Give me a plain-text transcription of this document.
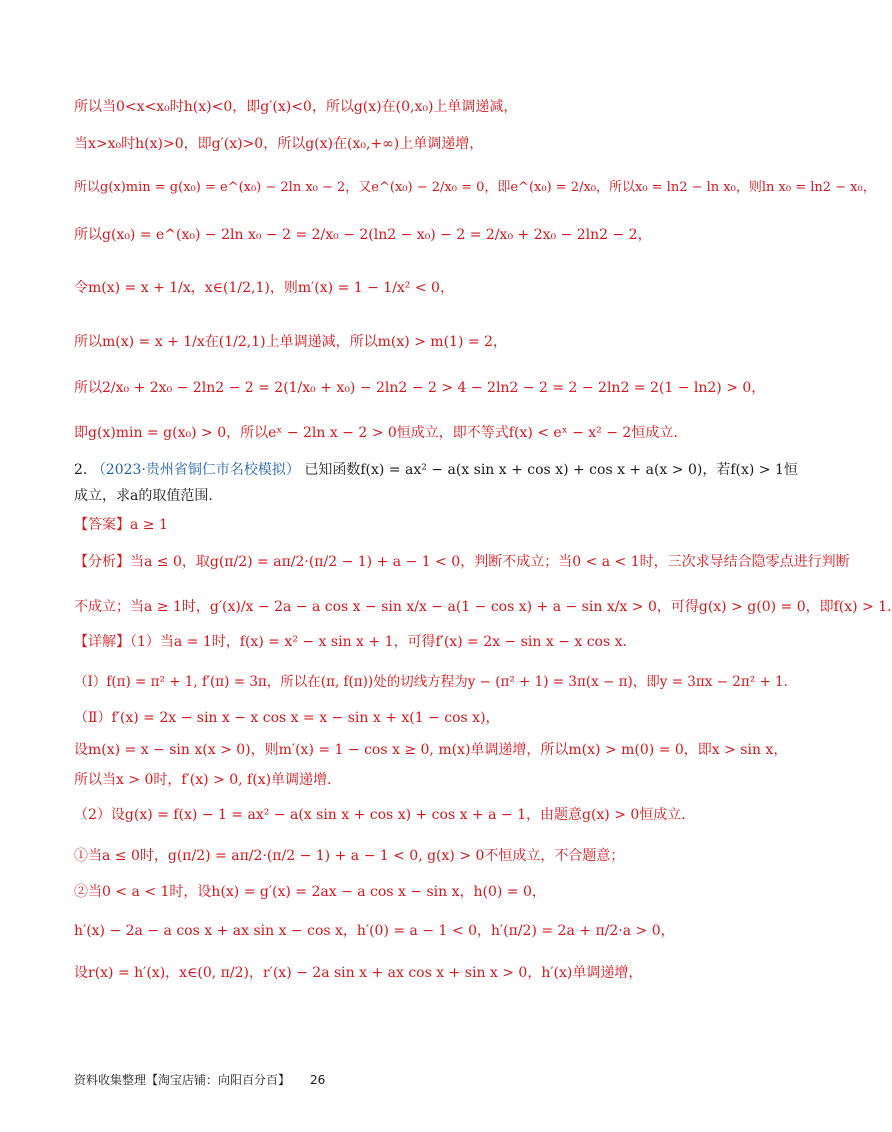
所以当0<x<x₀时h(x)<0，即g′(x)<0，所以g(x)在(0,x₀)上单调递减，
当x>x₀时h(x)>0，即g′(x)>0，所以g(x)在(x₀,+∞)上单调递增，
所以g(x)min = g(x₀) = e^(x₀) − 2ln x₀ − 2，又e^(x₀) − 2/x₀ = 0，即e^(x₀) = 2/x₀，所以x₀ = ln2 − ln x₀，则ln x₀ = ln2 − x₀，
所以g(x₀) = e^(x₀) − 2ln x₀ − 2 = 2/x₀ − 2(ln2 − x₀) − 2 = 2/x₀ + 2x₀ − 2ln2 − 2，
令m(x) = x + 1/x，x∈(1/2,1)，则m′(x) = 1 − 1/x² < 0，
所以m(x) = x + 1/x在(1/2,1)上单调递减，所以m(x) > m(1) = 2，
所以2/x₀ + 2x₀ − 2ln2 − 2 = 2(1/x₀ + x₀) − 2ln2 − 2 > 4 − 2ln2 − 2 = 2 − 2ln2 = 2(1 − ln2) > 0，
即g(x)min = g(x₀) > 0，所以eˣ − 2ln x − 2 > 0恒成立，即不等式f(x) < eˣ − x² − 2恒成立.
2. （2023·贵州省铜仁市名校模拟） 已知函数f(x) = ax² − a(x sin x + cos x) + cos x + a(x > 0)，若f(x) > 1恒
成立，求a的取值范围.
【答案】a ≥ 1
【分析】当a ≤ 0，取g(π/2) = aπ/2·(π/2 − 1) + a − 1 < 0，判断不成立；当0 < a < 1时，三次求导结合隐零点进行判断
不成立；当a ≥ 1时，g′(x)/x − 2a − a cos x − sin x/x − a(1 − cos x) + a − sin x/x > 0，可得g(x) > g(0) = 0，即f(x) > 1.
【详解】（1）当a = 1时，f(x) = x² − x sin x + 1，可得f′(x) = 2x − sin x − x cos x.
（Ⅰ）f(π) = π² + 1, f′(π) = 3π，所以在(π, f(π))处的切线方程为y − (π² + 1) = 3π(x − π)，即y = 3πx − 2π² + 1.
（Ⅱ）f′(x) = 2x − sin x − x cos x = x − sin x + x(1 − cos x)，
设m(x) = x − sin x(x > 0)，则m′(x) = 1 − cos x ≥ 0, m(x)单调递增，所以m(x) > m(0) = 0，即x > sin x，
所以当x > 0时，f′(x) > 0, f(x)单调递增.
（2）设g(x) = f(x) − 1 = ax² − a(x sin x + cos x) + cos x + a − 1，由题意g(x) > 0恒成立.
①当a ≤ 0时，g(π/2) = aπ/2·(π/2 − 1) + a − 1 < 0, g(x) > 0不恒成立，不合题意；
②当0 < a < 1时，设h(x) = g′(x) = 2ax − a cos x − sin x，h(0) = 0，
h′(x) − 2a − a cos x + ax sin x − cos x，h′(0) = a − 1 < 0，h′(π/2) = 2a + π/2·a > 0，
设r(x) = h′(x)，x∈(0, π/2)，r′(x) − 2a sin x + ax cos x + sin x > 0，h′(x)单调递增，
资料收集整理【淘宝店铺：向阳百分百】 26
